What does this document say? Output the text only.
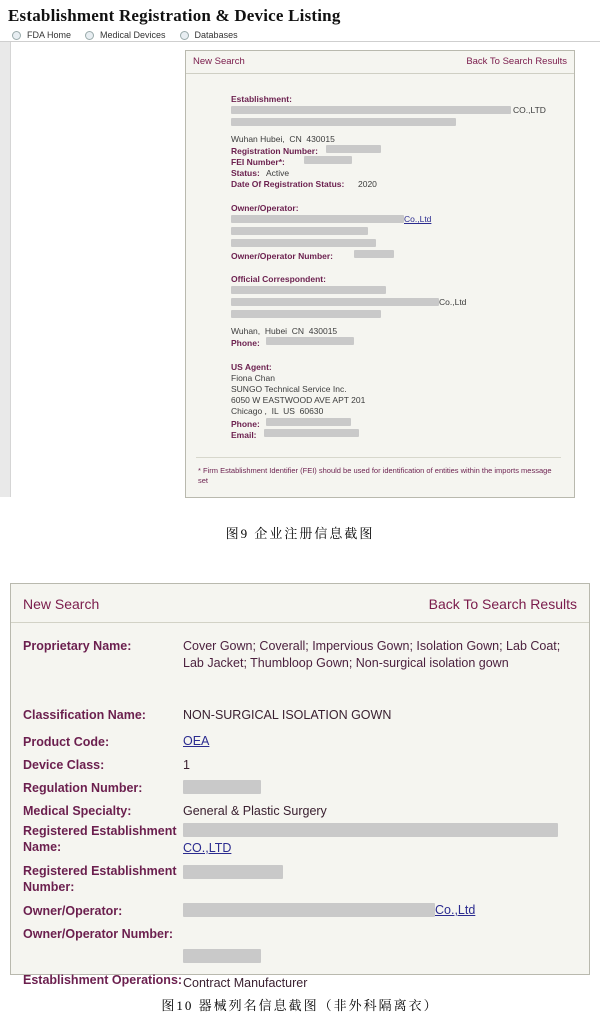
Establishment Registration & Device Listing
FDA Home	Medical Devices	Databases
New Search	Back To Search Results
Establishment:
CO.,LTD
Wuhan Hubei,  CN  430015
Registration Number:
FEI Number*:
Status: Active
Date Of Registration Status: 2020
Owner/Operator:
Co.,Ltd
Owner/Operator Number:
Official Correspondent:
Co.,Ltd
Wuhan,  Hubei  CN  430015
Phone:
US Agent:
Fiona Chan
SUNGO Technical Service Inc.
6050 W EASTWOOD AVE APT 201
Chicago ,  IL  US  60630
Phone:
Email:
* Firm Establishment Identifier (FEI) should be used for identification of entities within the imports message set
图9 企业注册信息截图
New Search	Back To Search Results
Proprietary Name:	Cover Gown; Coverall; Impervious Gown; Isolation Gown; Lab Coat; Lab Jacket; Thumbloop Gown; Non-surgical isolation gown
Classification Name:	NON-SURGICAL ISOLATION GOWN
Product Code:	OEA
Device Class:	1
Regulation Number:
Medical Specialty:	General & Plastic Surgery
Registered Establishment Name:	CO.,LTD
Registered Establishment Number:
Owner/Operator:	Co.,Ltd
Owner/Operator Number:
Establishment Operations: Contract Manufacturer
图10 器械列名信息截图（非外科隔离衣）
